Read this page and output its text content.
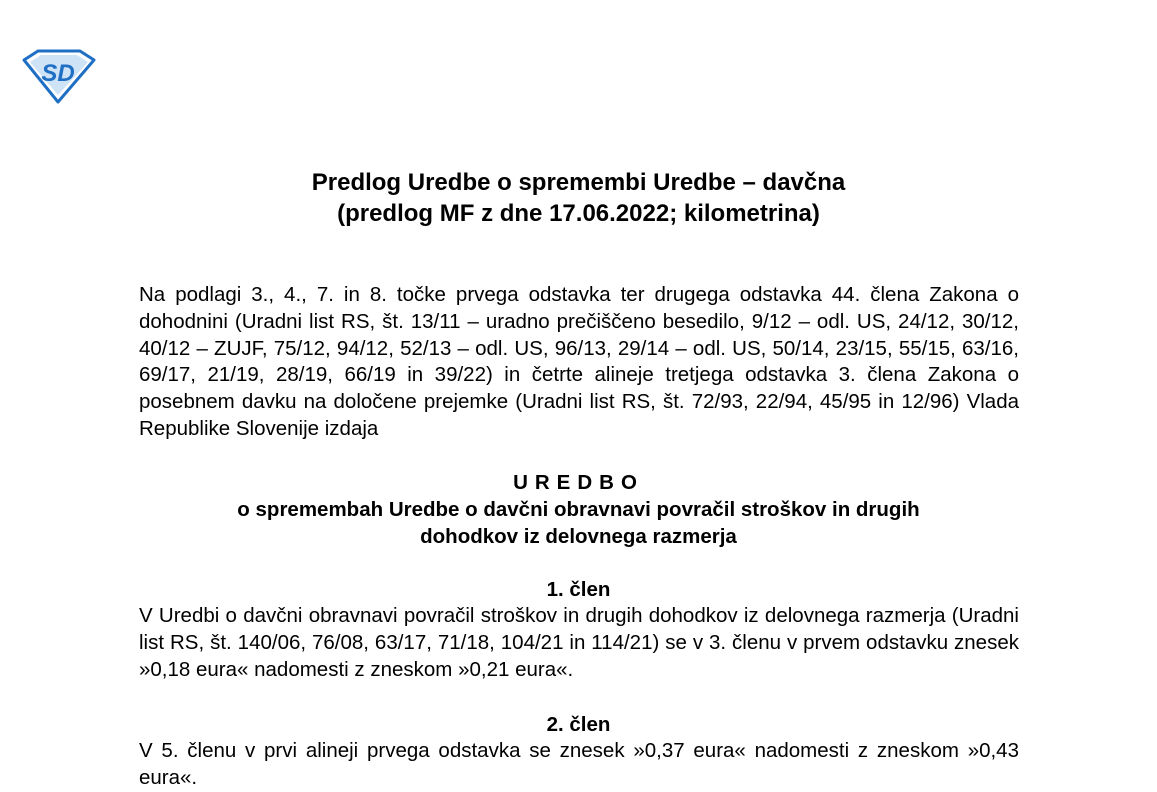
SD
Predlog Uredbe o spremembi Uredbe – davčna
(predlog MF z dne 17.06.2022; kilometrina)
Na podlagi 3., 4., 7. in 8. točke prvega odstavka ter drugega odstavka 44. člena Zakona o dohodnini (Uradni list RS, št. 13/11 – uradno prečiščeno besedilo, 9/12 – odl. US, 24/12, 30/12, 40/12 – ZUJF, 75/12, 94/12, 52/13 – odl. US, 96/13, 29/14 – odl. US, 50/14, 23/15, 55/15, 63/16, 69/17, 21/19, 28/19, 66/19 in 39/22) in četrte alineje tretjega odstavka 3. člena Zakona o posebnem davku na določene prejemke (Uradni list RS, št. 72/93, 22/94, 45/95 in 12/96) Vlada Republike Slovenije izdaja
UREDBO
o spremembah Uredbe o davčni obravnavi povračil stroškov in drugih
dohodkov iz delovnega razmerja
1. člen
V Uredbi o davčni obravnavi povračil stroškov in drugih dohodkov iz delovnega razmerja (Uradni list RS, št. 140/06, 76/08, 63/17, 71/18, 104/21 in 114/21) se v 3. členu v prvem odstavku znesek »0,18 eura« nadomesti z zneskom »0,21 eura«.
2. člen
V 5. členu v prvi alineji prvega odstavka se znesek »0,37 eura« nadomesti z zneskom »0,43 eura«.
